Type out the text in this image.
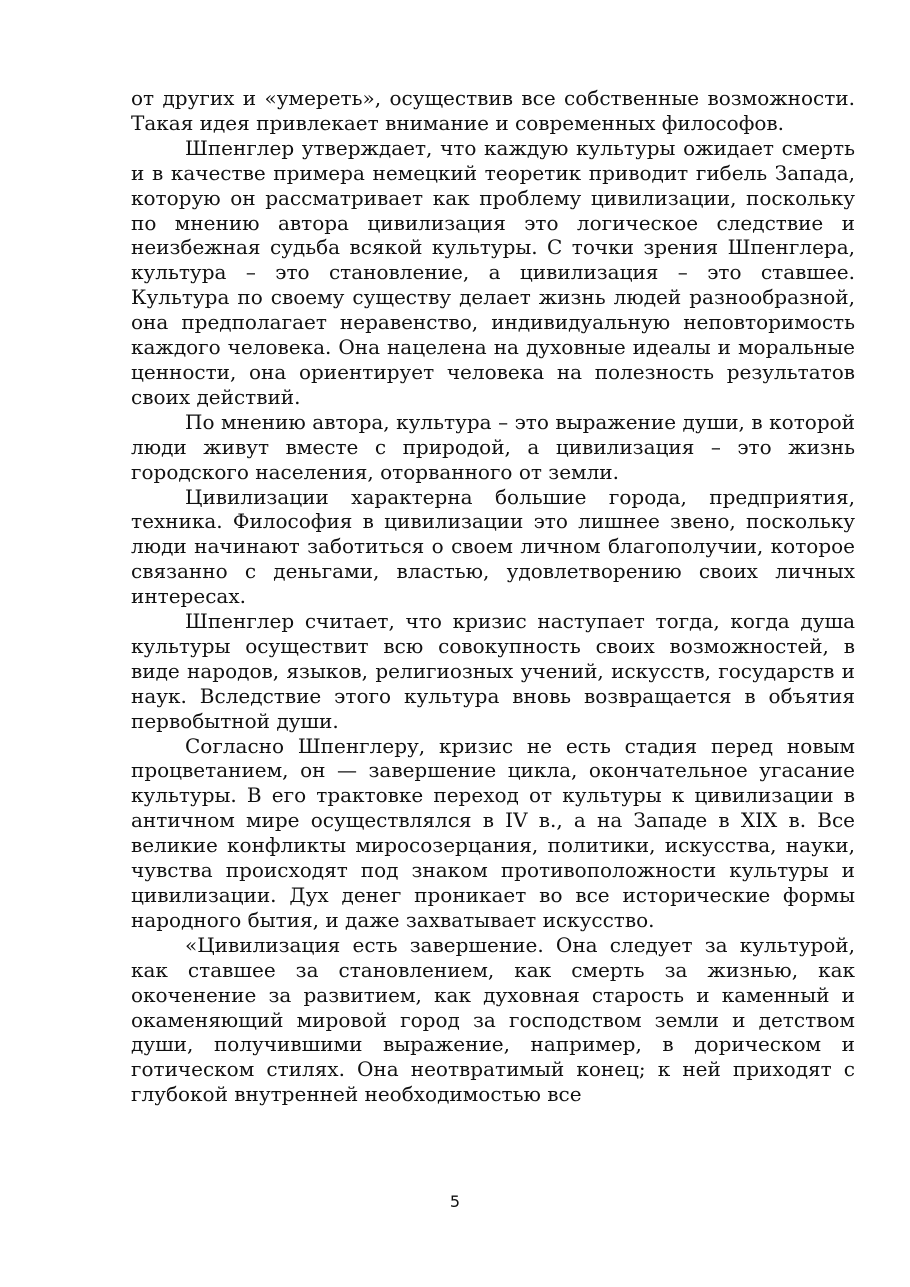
от других и «умереть», осуществив все собственные возможности. Такая идея привлекает внимание и современных философов.

Шпенглер утверждает, что каждую культуры ожидает смерть и в качестве примера немецкий теоретик приводит гибель Запада, которую он рассматривает как проблему цивилизации, поскольку по мнению автора цивилизация это логическое следствие и неизбежная судьба всякой культуры. С точки зрения Шпенглера, культура – это становление, а цивилизация – это ставшее. Культура по своему существу делает жизнь людей разнообразной, она предполагает неравенство, индивидуальную неповторимость каждого человека. Она нацелена на духовные идеалы и моральные ценности, она ориентирует человека на полезность результатов своих действий.

По мнению автора, культура – это выражение души, в которой люди живут вместе с природой, а цивилизация – это жизнь городского населения, оторванного от земли.

Цивилизации характерна большие города, предприятия, техника. Философия в цивилизации это лишнее звено, поскольку люди начинают заботиться о своем личном благополучии, которое связанно с деньгами, властью, удовлетворению своих личных интересах.

Шпенглер считает, что кризис наступает тогда, когда душа культуры осуществит всю совокупность своих возможностей, в виде народов, языков, религиозных учений, искусств, государств и наук. Вследствие этого культура вновь возвращается в объятия первобытной души.

Согласно Шпенглеру, кризис не есть стадия перед новым процветанием, он — завершение цикла, окончательное угасание культуры. В его трактовке переход от культуры к цивилизации в античном мире осуществлялся в IV в., а на Западе в XIX в. Все великие конфликты миросозерцания, политики, искусства, науки, чувства происходят под знаком противоположности культуры и цивилизации. Дух денег проникает во все исторические формы народного бытия, и даже захватывает искусство.

«Цивилизация есть завершение. Она следует за культурой, как ставшее за становлением, как смерть за жизнью, как окоченение за развитием, как духовная старость и каменный и окаменяющий мировой город за господством земли и детством души, получившими выражение, например, в дорическом и готическом стилях. Она неотвратимый конец; к ней приходят с глубокой внутренней необходимостью все

5
